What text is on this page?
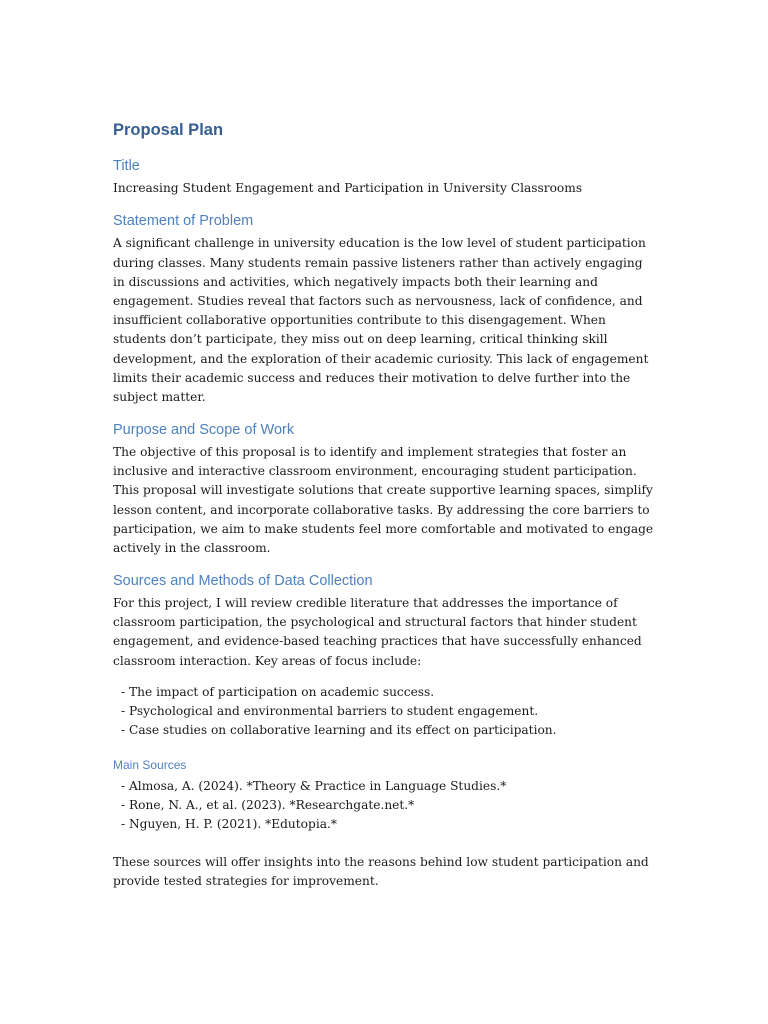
Proposal Plan
Title

Increasing Student Engagement and Participation in University Classrooms

Statement of Problem

A significant challenge in university education is the low level of student participation during classes. Many students remain passive listeners rather than actively engaging in discussions and activities, which negatively impacts both their learning and engagement. Studies reveal that factors such as nervousness, lack of confidence, and insufficient collaborative opportunities contribute to this disengagement. When students don’t participate, they miss out on deep learning, critical thinking skill development, and the exploration of their academic curiosity. This lack of engagement limits their academic success and reduces their motivation to delve further into the subject matter.

Purpose and Scope of Work

The objective of this proposal is to identify and implement strategies that foster an inclusive and interactive classroom environment, encouraging student participation. This proposal will investigate solutions that create supportive learning spaces, simplify lesson content, and incorporate collaborative tasks. By addressing the core barriers to participation, we aim to make students feel more comfortable and motivated to engage actively in the classroom.

Sources and Methods of Data Collection

For this project, I will review credible literature that addresses the importance of classroom participation, the psychological and structural factors that hinder student engagement, and evidence-based teaching practices that have successfully enhanced classroom interaction. Key areas of focus include:

- The impact of participation on academic success.
- Psychological and environmental barriers to student engagement.
- Case studies on collaborative learning and its effect on participation.
Main Sources
- Almosa, A. (2024). *Theory & Practice in Language Studies.*
- Rone, N. A., et al. (2023). *Researchgate.net.*
- Nguyen, H. P. (2021). *Edutopia.*

These sources will offer insights into the reasons behind low student participation and provide tested strategies for improvement.
